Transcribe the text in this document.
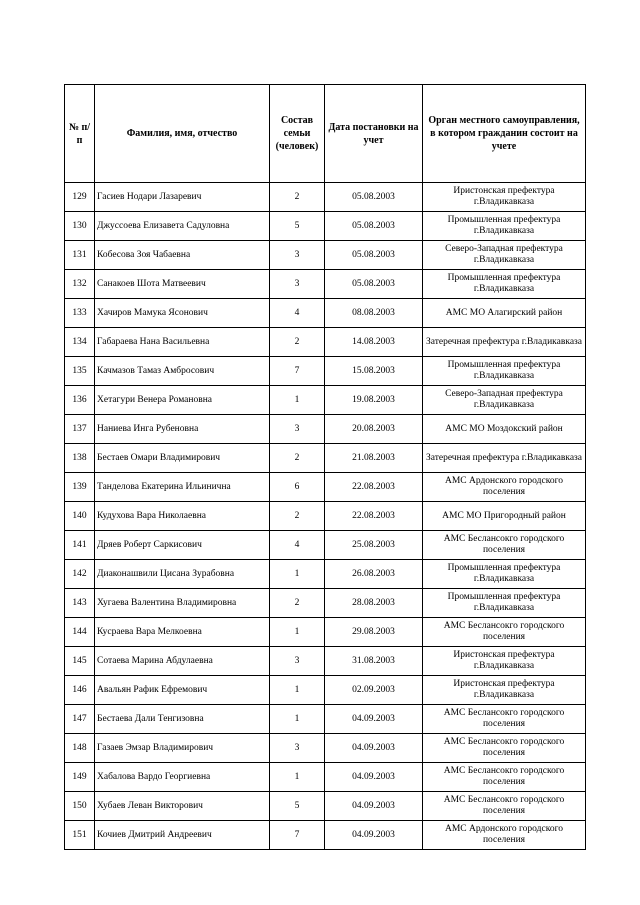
№ п/п	Фамилия, имя, отчество	Состав семьи (человек)	Дата постановки на учет	Орган местного самоуправления, в котором гражданин состоит на учете
129	Гасиев Нодари Лазаревич	2	05.08.2003	Иристонская префектура г.Владикавказа
130	Джуссоева Елизавета Садуловна	5	05.08.2003	Промышленная префектура г.Владикавказа
131	Кобесова Зоя Чабаевна	3	05.08.2003	Северо-Западная префектура г.Владикавказа
132	Санакоев Шота Матвеевич	3	05.08.2003	Промышленная префектура г.Владикавказа
133	Хачиров Мамука Ясонович	4	08.08.2003	АМС МО Алагирский район
134	Габараева Нана Васильевна	2	14.08.2003	Затеречная префектура г.Владикавказа
135	Качмазов Тамаз Амбросович	7	15.08.2003	Промышленная префектура г.Владикавказа
136	Хетагури Венера Романовна	1	19.08.2003	Северо-Западная префектура г.Владикавказа
137	Наниева Инга Рубеновна	3	20.08.2003	АМС МО Моздокский район
138	Бестаев Омари Владимирович	2	21.08.2003	Затеречная префектура г.Владикавказа
139	Танделова Екатерина Ильинична	6	22.08.2003	АМС Ардонского городского поселения
140	Кудухова Вара Николаевна	2	22.08.2003	АМС МО Пригородный район
141	Дряев Роберт Саркисович	4	25.08.2003	АМС Беслансокго городского поселения
142	Диаконашвили Цисана Зурабовна	1	26.08.2003	Промышленная префектура г.Владикавказа
143	Хугаева Валентина Владимировна	2	28.08.2003	Промышленная префектура г.Владикавказа
144	Кусраева Вара Мелкоевна	1	29.08.2003	АМС Беслансокго городского поселения
145	Сотаева Марина Абдулаевна	3	31.08.2003	Иристонская префектура г.Владикавказа
146	Авальян Рафик Ефремович	1	02.09.2003	Иристонская префектура г.Владикавказа
147	Бестаева Дали Тенгизовна	1	04.09.2003	АМС Беслансокго городского поселения
148	Газаев Эмзар Владимирович	3	04.09.2003	АМС Беслансокго городского поселения
149	Хабалова Вардо Георгиевна	1	04.09.2003	АМС Беслансокго городского поселения
150	Хубаев Леван Викторович	5	04.09.2003	АМС Беслансокго городского поселения
151	Кочиев Дмитрий Андреевич	7	04.09.2003	АМС Ардонского городского поселения
